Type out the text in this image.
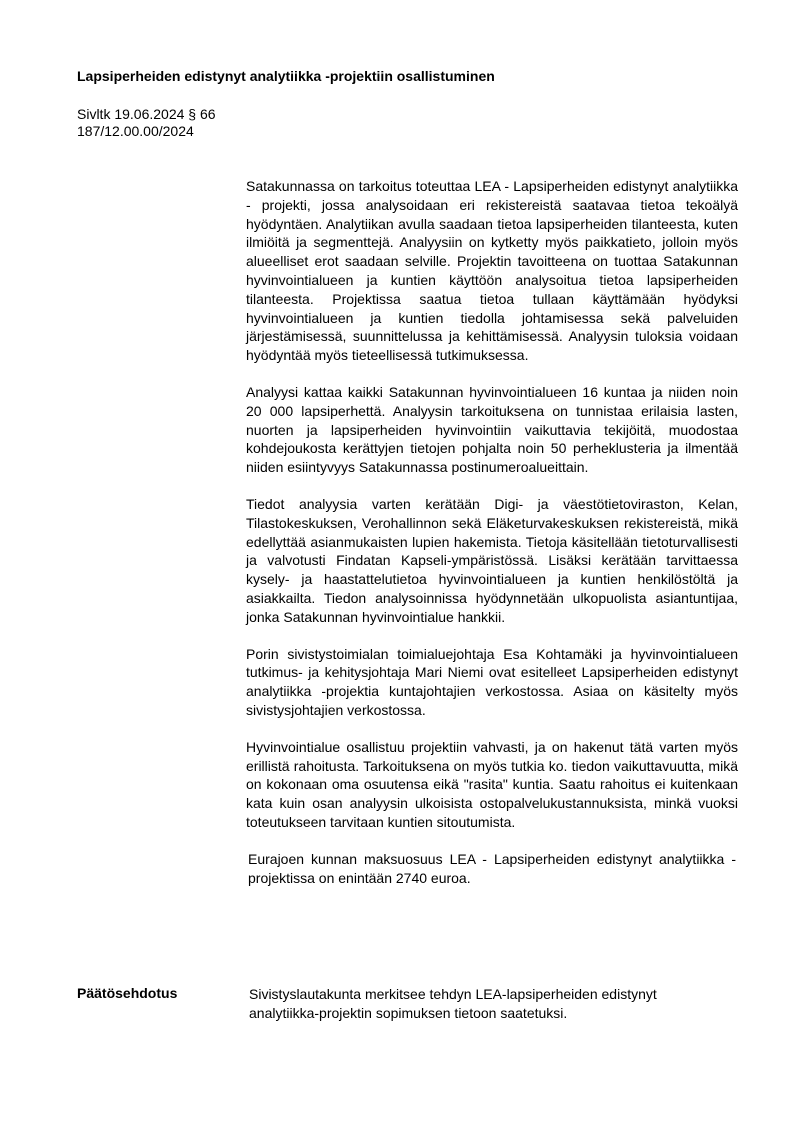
Lapsiperheiden edistynyt analytiikka -projektiin osallistuminen
Sivltk 19.06.2024 § 66
187/12.00.00/2024

Satakunnassa on tarkoitus toteuttaa LEA - Lapsiperheiden edistynyt analytiikka - projekti, jossa analysoidaan eri rekistereistä saatavaa tietoa tekoälyä hyödyntäen. Analytiikan avulla saadaan tietoa lapsiperheiden tilanteesta, kuten ilmiöitä ja segmenttejä. Analyysiin on kytketty myös paikkatieto, jolloin myös alueelliset erot saadaan selville. Projektin tavoitteena on tuottaa Satakunnan hyvinvointialueen ja kuntien käyttöön analysoitua tietoa lapsiperheiden tilanteesta. Projektissa saatua tietoa tullaan käyttämään hyödyksi hyvinvointialueen ja kuntien tiedolla johtamisessa sekä palveluiden järjestämisessä, suunnittelussa ja kehittämisessä. Analyysin tuloksia voidaan hyödyntää myös tieteellisessä tutkimuksessa.

Analyysi kattaa kaikki Satakunnan hyvinvointialueen 16 kuntaa ja niiden noin 20 000 lapsiperhettä. Analyysin tarkoituksena on tunnistaa erilaisia lasten, nuorten ja lapsiperheiden hyvinvointiin vaikuttavia tekijöitä, muodostaa kohdejoukosta kerättyjen tietojen pohjalta noin 50 perheklusteria ja ilmentää niiden esiintyvyys Satakunnassa postinumeroalueittain.

Tiedot analyysia varten kerätään Digi- ja väestötietoviraston, Kelan, Tilastokeskuksen, Verohallinnon sekä Eläketurvakeskuksen rekistereistä, mikä edellyttää asianmukaisten lupien hakemista. Tietoja käsitellään tietoturvallisesti ja valvotusti Findatan Kapseli-ympäristössä. Lisäksi kerätään tarvittaessa kysely- ja haastattelutietoa hyvinvointialueen ja kuntien henkilöstöltä ja asiakkailta. Tiedon analysoinnissa hyödynnetään ulkopuolista asiantuntijaa, jonka Satakunnan hyvinvointialue hankkii.

Porin sivistystoimialan toimialuejohtaja Esa Kohtamäki ja hyvinvointialueen tutkimus- ja kehitysjohtaja Mari Niemi ovat esitelleet Lapsiperheiden edistynyt analytiikka -projektia kuntajohtajien verkostossa. Asiaa on käsitelty myös sivistysjohtajien verkostossa.

Hyvinvointialue osallistuu projektiin vahvasti, ja on hakenut tätä varten myös erillistä rahoitusta. Tarkoituksena on myös tutkia ko. tiedon vaikuttavuutta, mikä on kokonaan oma osuutensa eikä "rasita" kuntia. Saatu rahoitus ei kuitenkaan kata kuin osan analyysin ulkoisista ostopalvelukustannuksista, minkä vuoksi toteutukseen tarvitaan kuntien sitoutumista.

Eurajoen kunnan maksuosuus LEA - Lapsiperheiden edistynyt analytiikka -projektissa on enintään 2740 euroa.

Päätösehdotus	Sivistyslautakunta merkitsee tehdyn LEA-lapsiperheiden edistynyt analytiikka-projektin sopimuksen tietoon saatetuksi.
